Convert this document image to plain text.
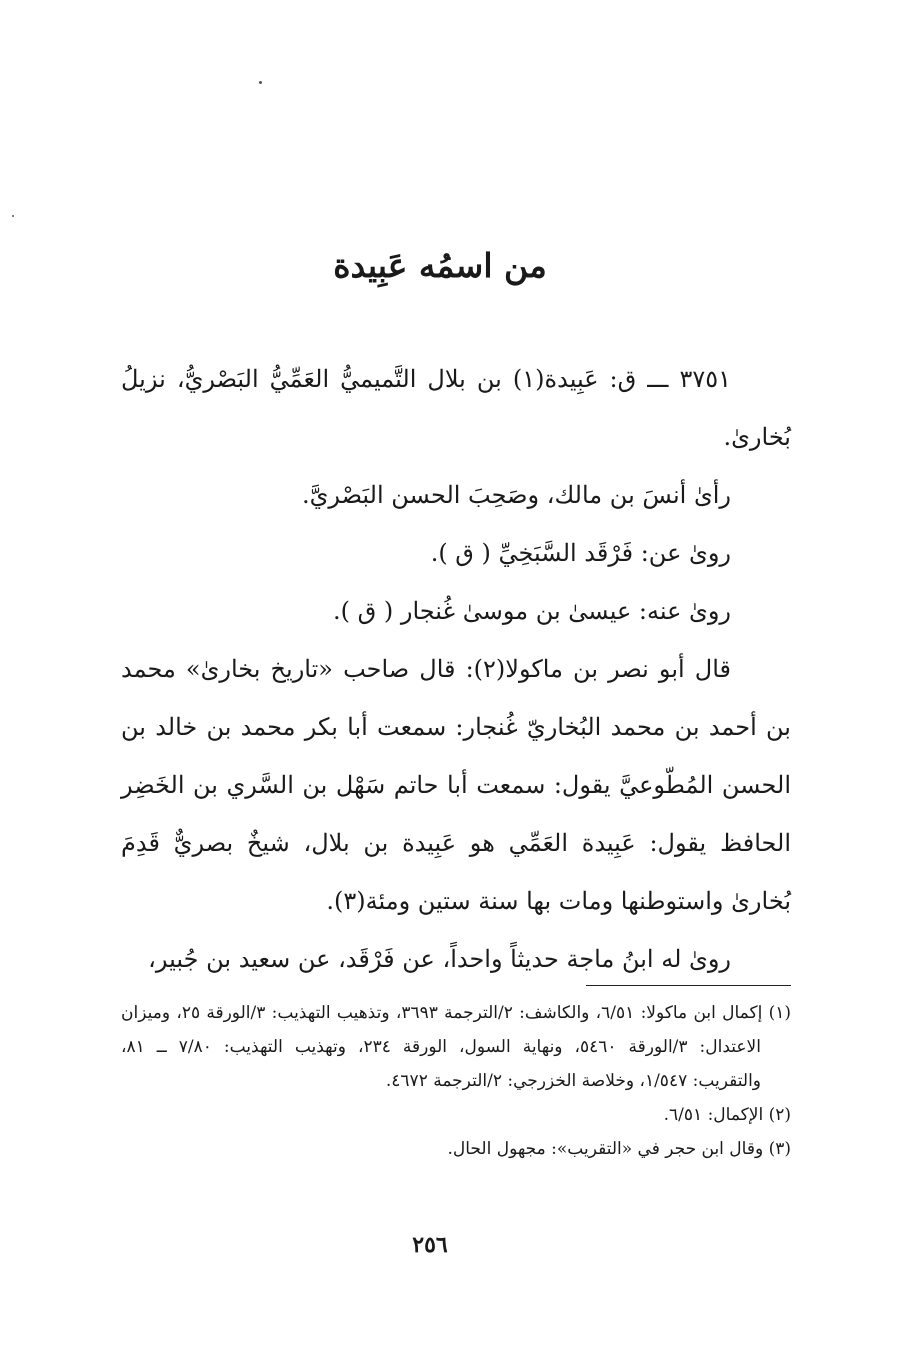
من اسمُه عَبِيدة

٣٧٥١ ـــ ق: عَبِيدة(١) بن بلال التَّميميُّ العَمِّيُّ البَصْريُّ، نزيلُ بُخارىٰ.

رأىٰ أنسَ بن مالك، وصَحِبَ الحسن البَصْريَّ.

روىٰ عن: فَرْقَد السَّبَخِيِّ ( ق ).

روىٰ عنه: عيسىٰ بن موسىٰ غُنجار ( ق ).

قال أبو نصر بن ماكولا(٢): قال صاحب «تاريخ بخارىٰ» محمد بن أحمد بن محمد البُخاريّ غُنجار: سمعت أبا بكر محمد بن خالد بن الحسن المُطّوعيَّ يقول: سمعت أبا حاتم سَهْل بن السَّري بن الخَضِر الحافظ يقول: عَبِيدة العَمِّي هو عَبِيدة بن بلال، شيخٌ بصريٌّ قَدِمَ بُخارىٰ واستوطنها ومات بها سنة ستين ومئة(٣).

روىٰ له ابنُ ماجة حديثاً واحداً، عن فَرْقَد، عن سعيد بن جُبير،

(١) إكمال ابن ماكولا: ٦/٥١، والكاشف: ٢/الترجمة ٣٦٩٣، وتذهيب التهذيب: ٣/الورقة ٢٥، وميزان الاعتدال: ٣/الورقة ٥٤٦٠، ونهاية السول، الورقة ٢٣٤، وتهذيب التهذيب: ٧/٨٠ ــ ٨١، والتقريب: ١/٥٤٧، وخلاصة الخزرجي: ٢/الترجمة ٤٦٧٢.

(٢) الإكمال: ٦/٥١.

(٣) وقال ابن حجر في «التقريب»: مجهول الحال.

٢٥٦
